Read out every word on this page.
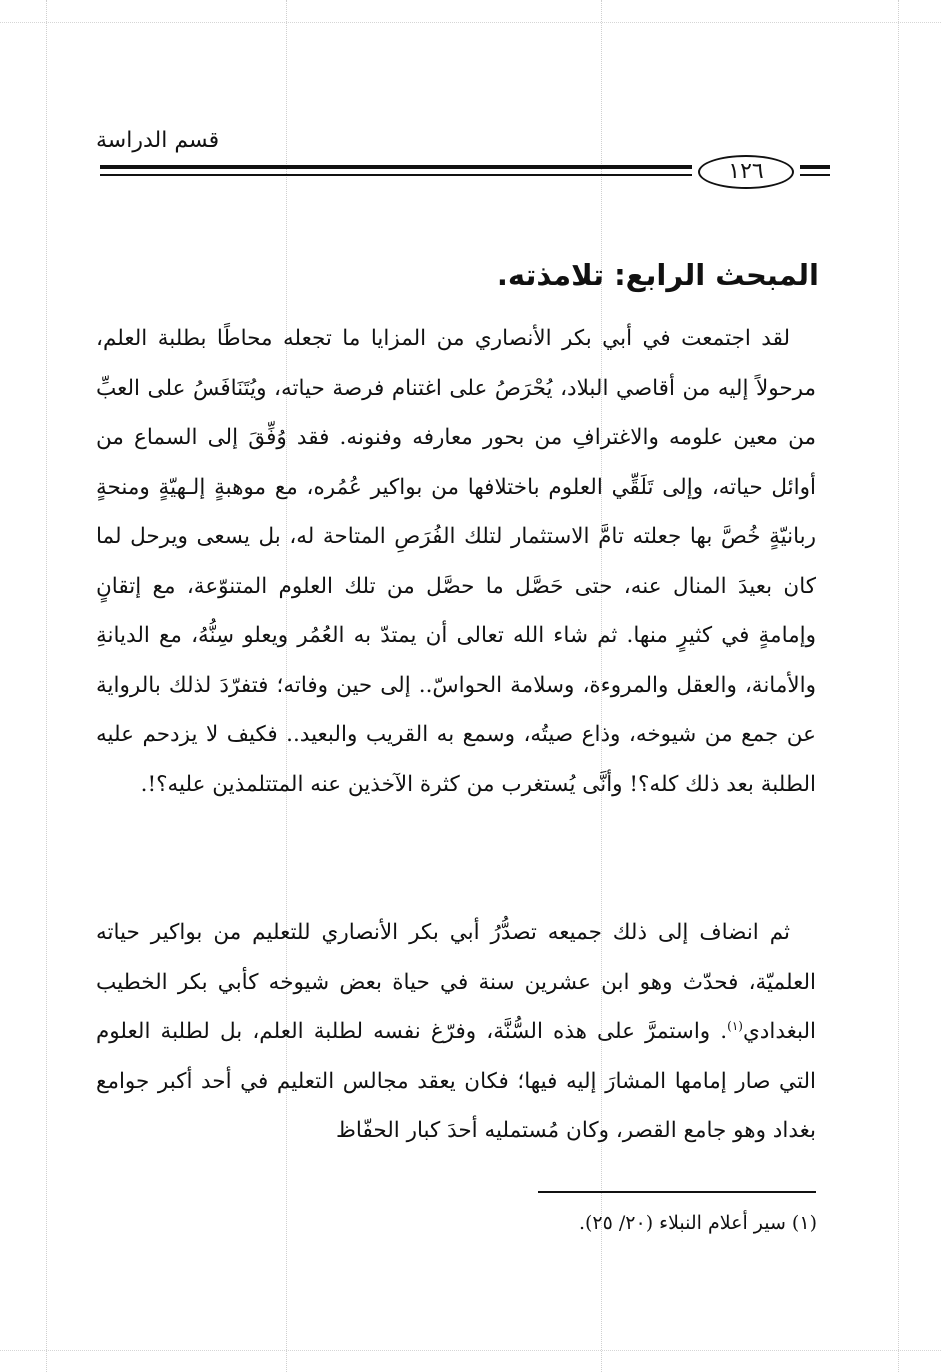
قسم الدراسة
١٢٦
المبحث الرابع: تلامذته.
لقد اجتمعت في أبي بكر الأنصاري من المزايا ما تجعله محاطًا بطلبة العلم، مرحولاً إليه من أقاصي البلاد، يُحْرَصُ على اغتنام فرصة حياته، ويُتَنَافَسُ على العبِّ من معين علومه والاغترافِ من بحور معارفه وفنونه. فقد وُفِّقَ إلى السماع من أوائل حياته، وإلى تَلَقِّي العلوم باختلافها من بواكير عُمُره، مع موهبةٍ إلـهيّةٍ ومنحةٍ ربانيّةٍ خُصَّ بها جعلته تامَّ الاستثمار لتلك الفُرَصِ المتاحة له، بل يسعى ويرحل لما كان بعيدَ المنال عنه، حتى حَصَّل ما حصَّل من تلك العلوم المتنوّعة، مع إتقانٍ وإمامةٍ في كثيرٍ منها. ثم شاء الله تعالى أن يمتدّ به العُمُر ويعلو سِنُّهُ، مع الديانةِ والأمانة، والعقل والمروءة، وسلامة الحواسّ.. إلى حين وفاته؛ فتفرّدَ لذلك بالرواية عن جمع من شيوخه، وذاع صيتُه، وسمع به القريب والبعيد.. فكيف لا يزدحم عليه الطلبة بعد ذلك كله؟! وأنَّى يُستغرب من كثرة الآخذين عنه المتتلمذين عليه؟!.
ثم انضاف إلى ذلك جميعه تصدُّرُ أبي بكر الأنصاري للتعليم من بواكير حياته العلميّة، فحدّث وهو ابن عشرين سنة في حياة بعض شيوخه كأبي بكر الخطيب البغدادي$^{(١)}$. واستمرَّ على هذه السُّنَّة، وفرّغ نفسه لطلبة العلم، بل لطلبة العلوم التي صار إمامها المشارَ إليه فيها؛ فكان يعقد مجالس التعليم في أحد أكبر جوامع بغداد وهو جامع القصر، وكان مُستمليه أحدَ كبار الحفّاظ
(١) سير أعلام النبلاء (٢٠/ ٢٥).
